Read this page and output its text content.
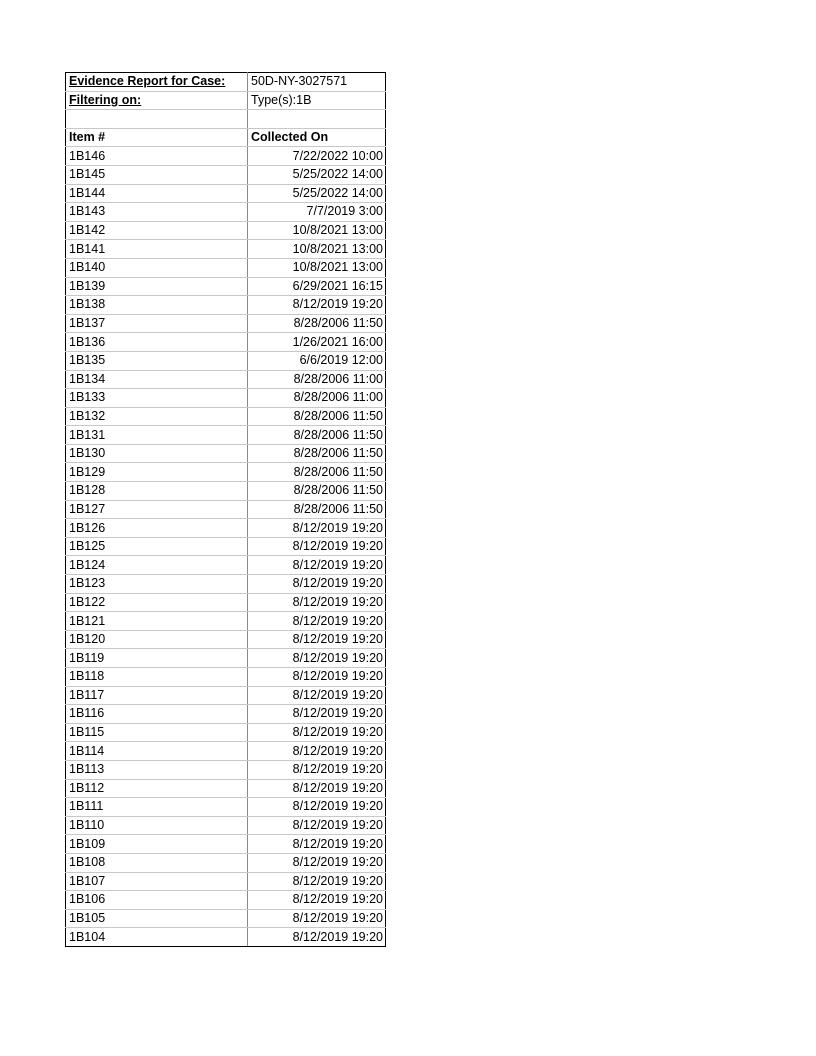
Evidence Report for Case:	50D-NY-3027571
Filtering on:	Type(s):1B

Item #	Collected On
1B146	7/22/2022 10:00
1B145	5/25/2022 14:00
1B144	5/25/2022 14:00
1B143	7/7/2019 3:00
1B142	10/8/2021 13:00
1B141	10/8/2021 13:00
1B140	10/8/2021 13:00
1B139	6/29/2021 16:15
1B138	8/12/2019 19:20
1B137	8/28/2006 11:50
1B136	1/26/2021 16:00
1B135	6/6/2019 12:00
1B134	8/28/2006 11:00
1B133	8/28/2006 11:00
1B132	8/28/2006 11:50
1B131	8/28/2006 11:50
1B130	8/28/2006 11:50
1B129	8/28/2006 11:50
1B128	8/28/2006 11:50
1B127	8/28/2006 11:50
1B126	8/12/2019 19:20
1B125	8/12/2019 19:20
1B124	8/12/2019 19:20
1B123	8/12/2019 19:20
1B122	8/12/2019 19:20
1B121	8/12/2019 19:20
1B120	8/12/2019 19:20
1B119	8/12/2019 19:20
1B118	8/12/2019 19:20
1B117	8/12/2019 19:20
1B116	8/12/2019 19:20
1B115	8/12/2019 19:20
1B114	8/12/2019 19:20
1B113	8/12/2019 19:20
1B112	8/12/2019 19:20
1B111	8/12/2019 19:20
1B110	8/12/2019 19:20
1B109	8/12/2019 19:20
1B108	8/12/2019 19:20
1B107	8/12/2019 19:20
1B106	8/12/2019 19:20
1B105	8/12/2019 19:20
1B104	8/12/2019 19:20
